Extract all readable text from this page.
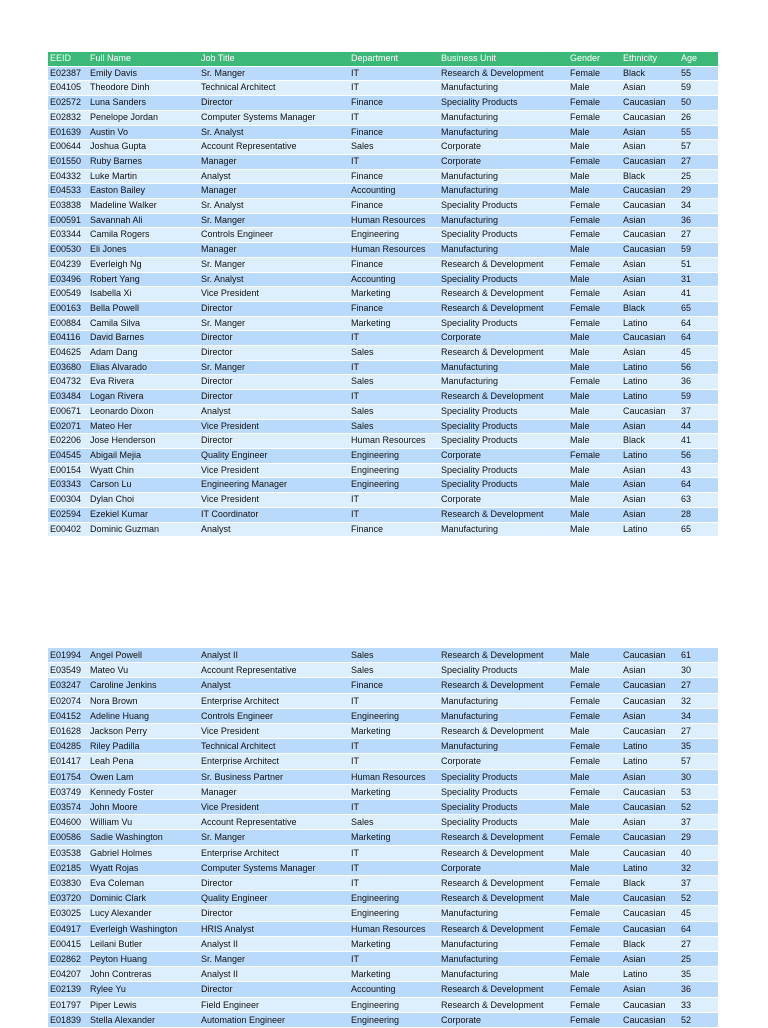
EEID	Full Name	Job Title	Department	Business Unit	Gender	Ethnicity	Age
E02387	Emily Davis	Sr. Manger	IT	Research & Development	Female	Black	55
E04105	Theodore Dinh	Technical Architect	IT	Manufacturing	Male	Asian	59
E02572	Luna Sanders	Director	Finance	Speciality Products	Female	Caucasian	50
E02832	Penelope Jordan	Computer Systems Manager	IT	Manufacturing	Female	Caucasian	26
E01639	Austin Vo	Sr. Analyst	Finance	Manufacturing	Male	Asian	55
E00644	Joshua Gupta	Account Representative	Sales	Corporate	Male	Asian	57
E01550	Ruby Barnes	Manager	IT	Corporate	Female	Caucasian	27
E04332	Luke Martin	Analyst	Finance	Manufacturing	Male	Black	25
E04533	Easton Bailey	Manager	Accounting	Manufacturing	Male	Caucasian	29
E03838	Madeline Walker	Sr. Analyst	Finance	Speciality Products	Female	Caucasian	34
E00591	Savannah Ali	Sr. Manger	Human Resources	Manufacturing	Female	Asian	36
E03344	Camila Rogers	Controls Engineer	Engineering	Speciality Products	Female	Caucasian	27
E00530	Eli Jones	Manager	Human Resources	Manufacturing	Male	Caucasian	59
E04239	Everleigh Ng	Sr. Manger	Finance	Research & Development	Female	Asian	51
E03496	Robert Yang	Sr. Analyst	Accounting	Speciality Products	Male	Asian	31
E00549	Isabella Xi	Vice President	Marketing	Research & Development	Female	Asian	41
E00163	Bella Powell	Director	Finance	Research & Development	Female	Black	65
E00884	Camila Silva	Sr. Manger	Marketing	Speciality Products	Female	Latino	64
E04116	David Barnes	Director	IT	Corporate	Male	Caucasian	64
E04625	Adam Dang	Director	Sales	Research & Development	Male	Asian	45
E03680	Elias Alvarado	Sr. Manger	IT	Manufacturing	Male	Latino	56
E04732	Eva Rivera	Director	Sales	Manufacturing	Female	Latino	36
E03484	Logan Rivera	Director	IT	Research & Development	Male	Latino	59
E00671	Leonardo Dixon	Analyst	Sales	Speciality Products	Male	Caucasian	37
E02071	Mateo Her	Vice President	Sales	Speciality Products	Male	Asian	44
E02206	Jose Henderson	Director	Human Resources	Speciality Products	Male	Black	41
E04545	Abigail Mejia	Quality Engineer	Engineering	Corporate	Female	Latino	56
E00154	Wyatt Chin	Vice President	Engineering	Speciality Products	Male	Asian	43
E03343	Carson Lu	Engineering Manager	Engineering	Speciality Products	Male	Asian	64
E00304	Dylan Choi	Vice President	IT	Corporate	Male	Asian	63
E02594	Ezekiel Kumar	IT Coordinator	IT	Research & Development	Male	Asian	28
E00402	Dominic Guzman	Analyst	Finance	Manufacturing	Male	Latino	65
E01994	Angel Powell	Analyst II	Sales	Research & Development	Male	Caucasian	61
E03549	Mateo Vu	Account Representative	Sales	Speciality Products	Male	Asian	30
E03247	Caroline Jenkins	Analyst	Finance	Research & Development	Female	Caucasian	27
E02074	Nora Brown	Enterprise Architect	IT	Manufacturing	Female	Caucasian	32
E04152	Adeline Huang	Controls Engineer	Engineering	Manufacturing	Female	Asian	34
E01628	Jackson Perry	Vice President	Marketing	Research & Development	Male	Caucasian	27
E04285	Riley Padilla	Technical Architect	IT	Manufacturing	Female	Latino	35
E01417	Leah Pena	Enterprise Architect	IT	Corporate	Female	Latino	57
E01754	Owen Lam	Sr. Business Partner	Human Resources	Speciality Products	Male	Asian	30
E03749	Kennedy Foster	Manager	Marketing	Speciality Products	Female	Caucasian	53
E03574	John Moore	Vice President	IT	Speciality Products	Male	Caucasian	52
E04600	William Vu	Account Representative	Sales	Speciality Products	Male	Asian	37
E00586	Sadie Washington	Sr. Manger	Marketing	Research & Development	Female	Caucasian	29
E03538	Gabriel Holmes	Enterprise Architect	IT	Research & Development	Male	Caucasian	40
E02185	Wyatt Rojas	Computer Systems Manager	IT	Corporate	Male	Latino	32
E03830	Eva Coleman	Director	IT	Research & Development	Female	Black	37
E03720	Dominic Clark	Quality Engineer	Engineering	Research & Development	Male	Caucasian	52
E03025	Lucy Alexander	Director	Engineering	Manufacturing	Female	Caucasian	45
E04917	Everleigh Washington	HRIS Analyst	Human Resources	Research & Development	Female	Caucasian	64
E00415	Leilani Butler	Analyst II	Marketing	Manufacturing	Female	Black	27
E02862	Peyton Huang	Sr. Manger	IT	Manufacturing	Female	Asian	25
E04207	John Contreras	Analyst II	Marketing	Manufacturing	Male	Latino	35
E02139	Rylee Yu	Director	Accounting	Research & Development	Female	Asian	36
E01797	Piper Lewis	Field Engineer	Engineering	Research & Development	Female	Caucasian	33
E01839	Stella Alexander	Automation Engineer	Engineering	Corporate	Female	Caucasian	52
